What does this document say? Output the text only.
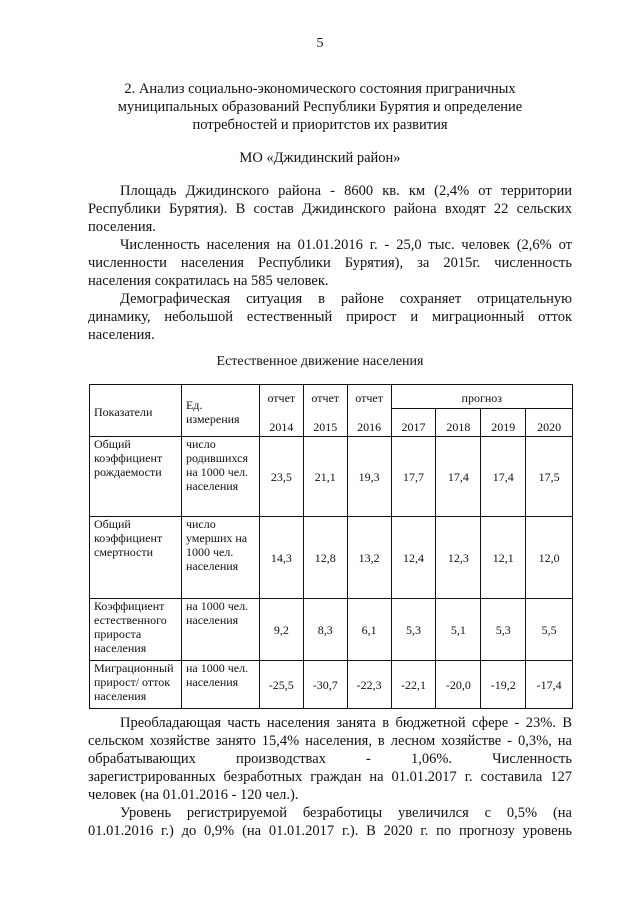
5
2. Анализ социально-экономического состояния приграничных
муниципальных образований Республики Бурятия и определение
потребностей и приоритстов их развития
МО «Джидинский район»
Площадь Джидинского района - 8600 кв. км (2,4% от территории
Республики Бурятия). В состав Джидинского района входят 22 сельских
поселения.
Численность населения на 01.01.2016 г. - 25,0 тыс. человек (2,6% от
численности населения Республики Бурятия), за 2015г. численность
населения сократилась на 585 человек.
Демографическая ситуация в районе сохраняет отрицательную
динамику, небольшой естественный прирост и миграционный отток
населения.
Естественное движение населения
Показатели	Ед. измерения	отчет	отчет	отчет	прогноз			
		2014	2015	2016	2017	2018	2019	2020
Общий коэффициент рождаемости	число родившихся на 1000 чел. населения	23,5	21,1	19,3	17,7	17,4	17,4	17,5
Общий коэффициент смертности	число умерших на 1000 чел. населения	14,3	12,8	13,2	12,4	12,3	12,1	12,0
Коэффициент естественного прироста населения	на 1000 чел. населения	9,2	8,3	6,1	5,3	5,1	5,3	5,5
Миграционный прирост/ отток населения	на 1000 чел. населения	-25,5	-30,7	-22,3	-22,1	-20,0	-19,2	-17,4
Преобладающая часть населения занята в бюджетной сфере - 23%. В
сельском хозяйстве занято 15,4% населения, в лесном хозяйстве - 0,3%, на
обрабатывающих производствах - 1,06%. Численность
зарегистрированных безработных граждан на 01.01.2017 г. составила 127
человек (на 01.01.2016 - 120 чел.).
Уровень регистрируемой безработицы увеличился с 0,5% (на
01.01.2016 г.) до 0,9% (на 01.01.2017 г.). В 2020 г. по прогнозу уровень
